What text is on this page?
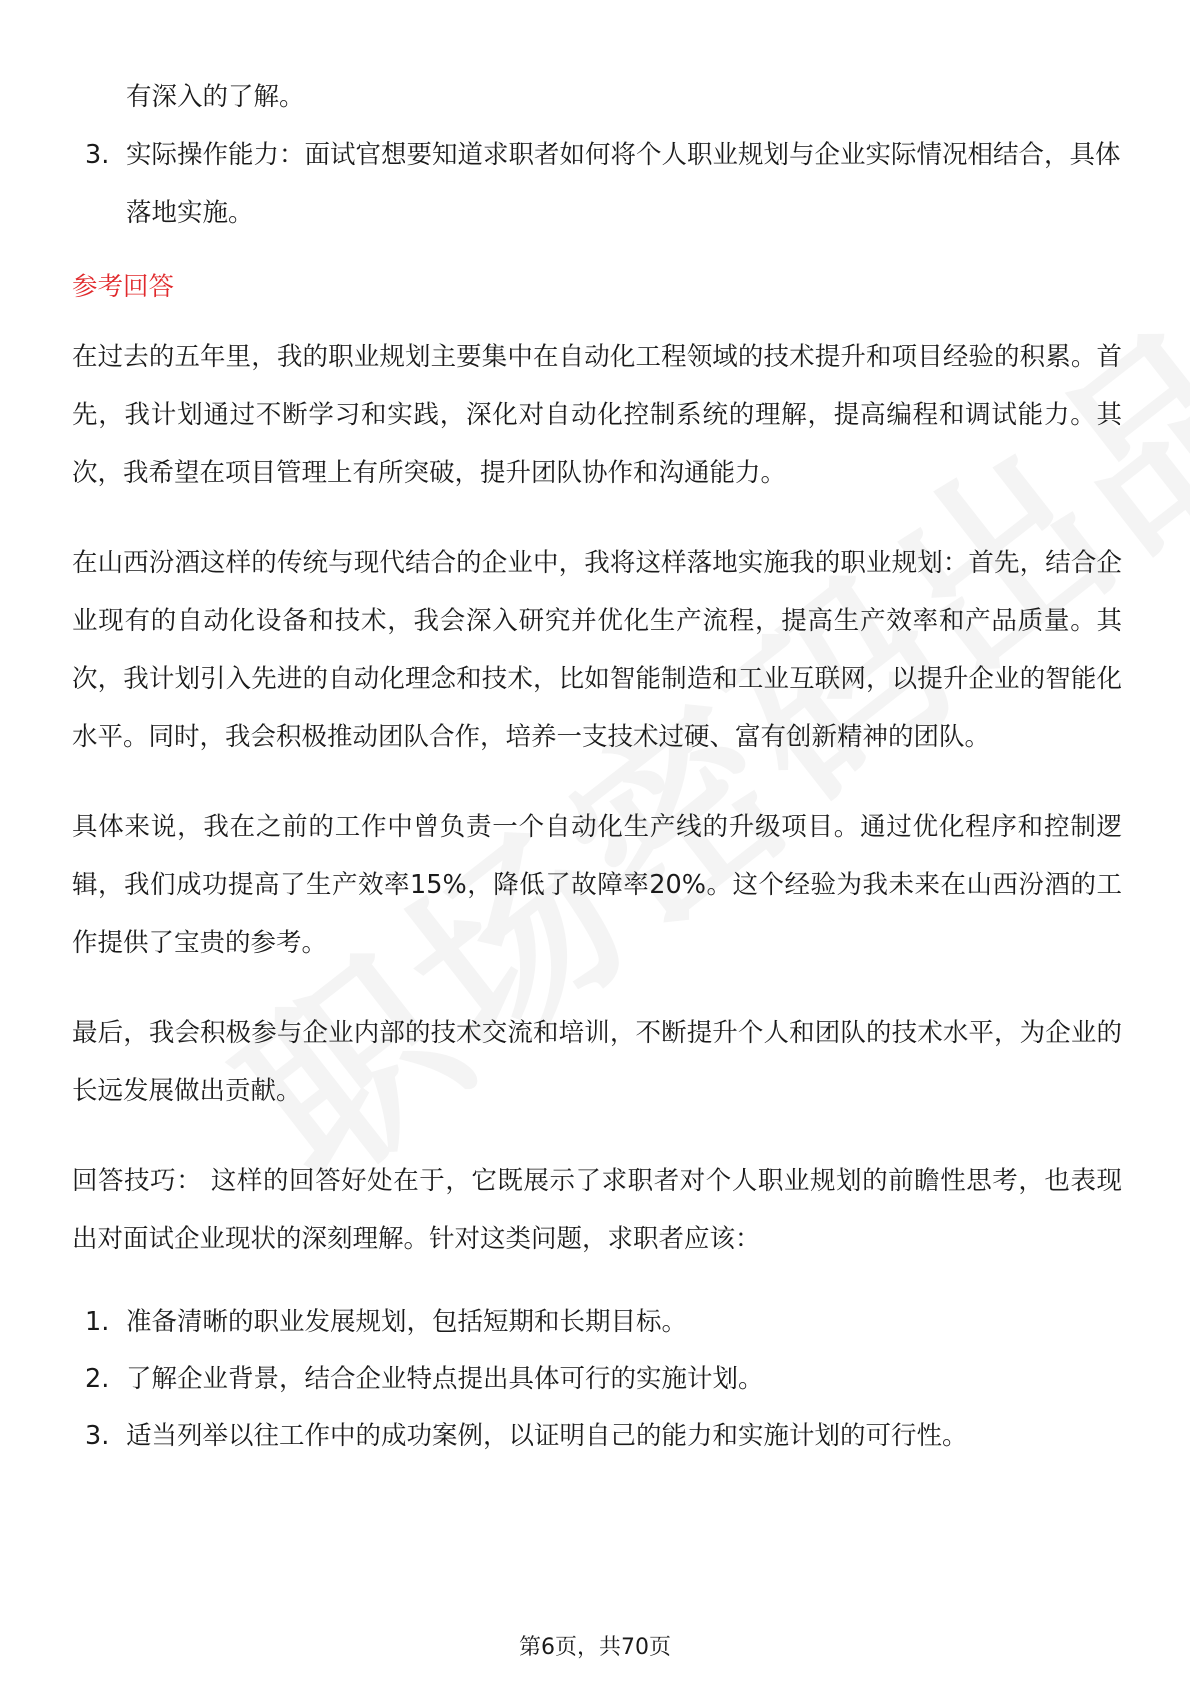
有深入的了解。
3. 实际操作能力：面试官想要知道求职者如何将个人职业规划与企业实际情况相结合，具体落地实施。
参考回答
在过去的五年里，我的职业规划主要集中在自动化工程领域的技术提升和项目经验的积累。首先，我计划通过不断学习和实践，深化对自动化控制系统的理解，提高编程和调试能力。其次，我希望在项目管理上有所突破，提升团队协作和沟通能力。
在山西汾酒这样的传统与现代结合的企业中，我将这样落地实施我的职业规划：首先，结合企业现有的自动化设备和技术，我会深入研究并优化生产流程，提高生产效率和产品质量。其次，我计划引入先进的自动化理念和技术，比如智能制造和工业互联网，以提升企业的智能化水平。同时，我会积极推动团队合作，培养一支技术过硬、富有创新精神的团队。
具体来说，我在之前的工作中曾负责一个自动化生产线的升级项目。通过优化程序和控制逻辑，我们成功提高了生产效率15%，降低了故障率20%。这个经验为我未来在山西汾酒的工作提供了宝贵的参考。
最后，我会积极参与企业内部的技术交流和培训，不断提升个人和团队的技术水平，为企业的长远发展做出贡献。
回答技巧： 这样的回答好处在于，它既展示了求职者对个人职业规划的前瞻性思考，也表现出对面试企业现状的深刻理解。针对这类问题，求职者应该：
1. 准备清晰的职业发展规划，包括短期和长期目标。
2. 了解企业背景，结合企业特点提出具体可行的实施计划。
3. 适当列举以往工作中的成功案例，以证明自己的能力和实施计划的可行性。
第6页，共70页
